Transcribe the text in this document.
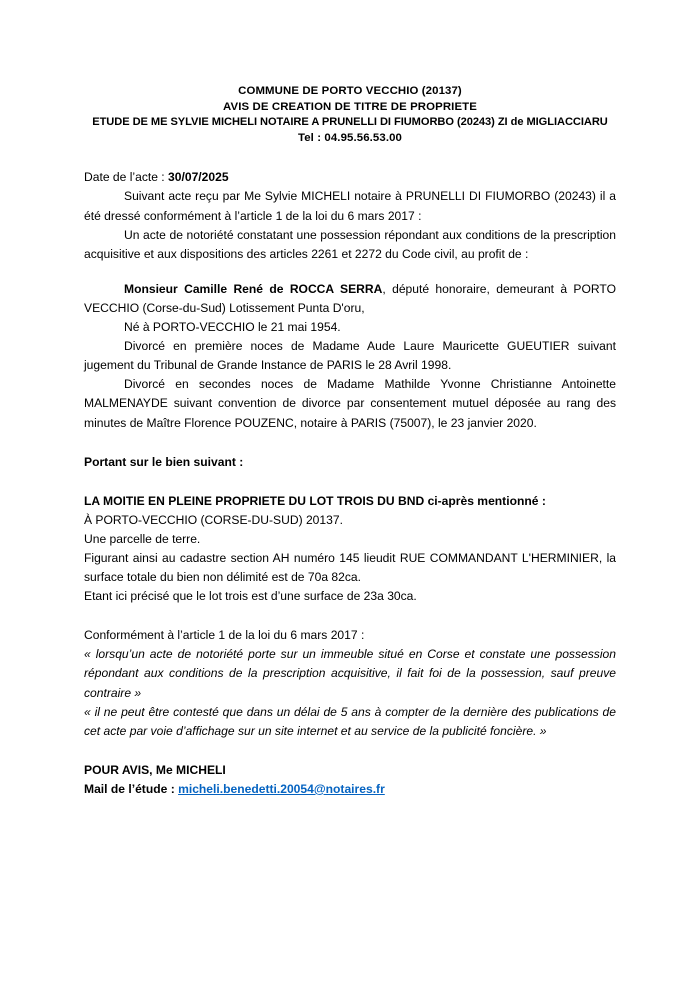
COMMUNE DE PORTO VECCHIO (20137)
AVIS DE CREATION DE TITRE DE PROPRIETE
ETUDE DE ME SYLVIE MICHELI NOTAIRE A PRUNELLI DI FIUMORBO (20243) ZI de MIGLIACCIARU
Tel : 04.95.56.53.00

Date de l’acte : 30/07/2025

Suivant acte reçu par Me Sylvie MICHELI notaire à PRUNELLI DI FIUMORBO (20243) il a été dressé conformément à l’article 1 de la loi du 6 mars 2017 :

Un acte de notoriété constatant une possession répondant aux conditions de la prescription acquisitive et aux dispositions des articles 2261 et 2272 du Code civil, au profit de :

Monsieur Camille René de ROCCA SERRA, député honoraire, demeurant à PORTO VECCHIO (Corse-du-Sud) Lotissement Punta D'oru,

Né à PORTO-VECCHIO le 21 mai 1954.

Divorcé en première noces de Madame Aude Laure Mauricette GUEUTIER suivant jugement du Tribunal de Grande Instance de PARIS le 28 Avril 1998.

Divorcé en secondes noces de Madame Mathilde Yvonne Christianne Antoinette MALMENAYDE suivant convention de divorce par consentement mutuel déposée au rang des minutes de Maître Florence POUZENC, notaire à PARIS (75007), le 23 janvier 2020.

Portant sur le bien suivant :

LA MOITIE EN PLEINE PROPRIETE DU LOT TROIS DU BND ci-après mentionné :

À PORTO-VECCHIO (CORSE-DU-SUD) 20137.

Une parcelle de terre.

Figurant ainsi au cadastre section AH numéro 145 lieudit RUE COMMANDANT L'HERMINIER, la surface totale du bien non délimité est de 70a 82ca.

Etant ici précisé que le lot trois est d’une surface de 23a 30ca.

Conformément à l’article 1 de la loi du 6 mars 2017 :

« lorsqu’un acte de notoriété porte sur un immeuble situé en Corse et constate une possession répondant aux conditions de la prescription acquisitive, il fait foi de la possession, sauf preuve contraire »

« il ne peut être contesté que dans un délai de 5 ans à compter de la dernière des publications de cet acte par voie d’affichage sur un site internet et au service de la publicité foncière. »

POUR AVIS, Me MICHELI

Mail de l’étude : micheli.benedetti.20054@notaires.fr
